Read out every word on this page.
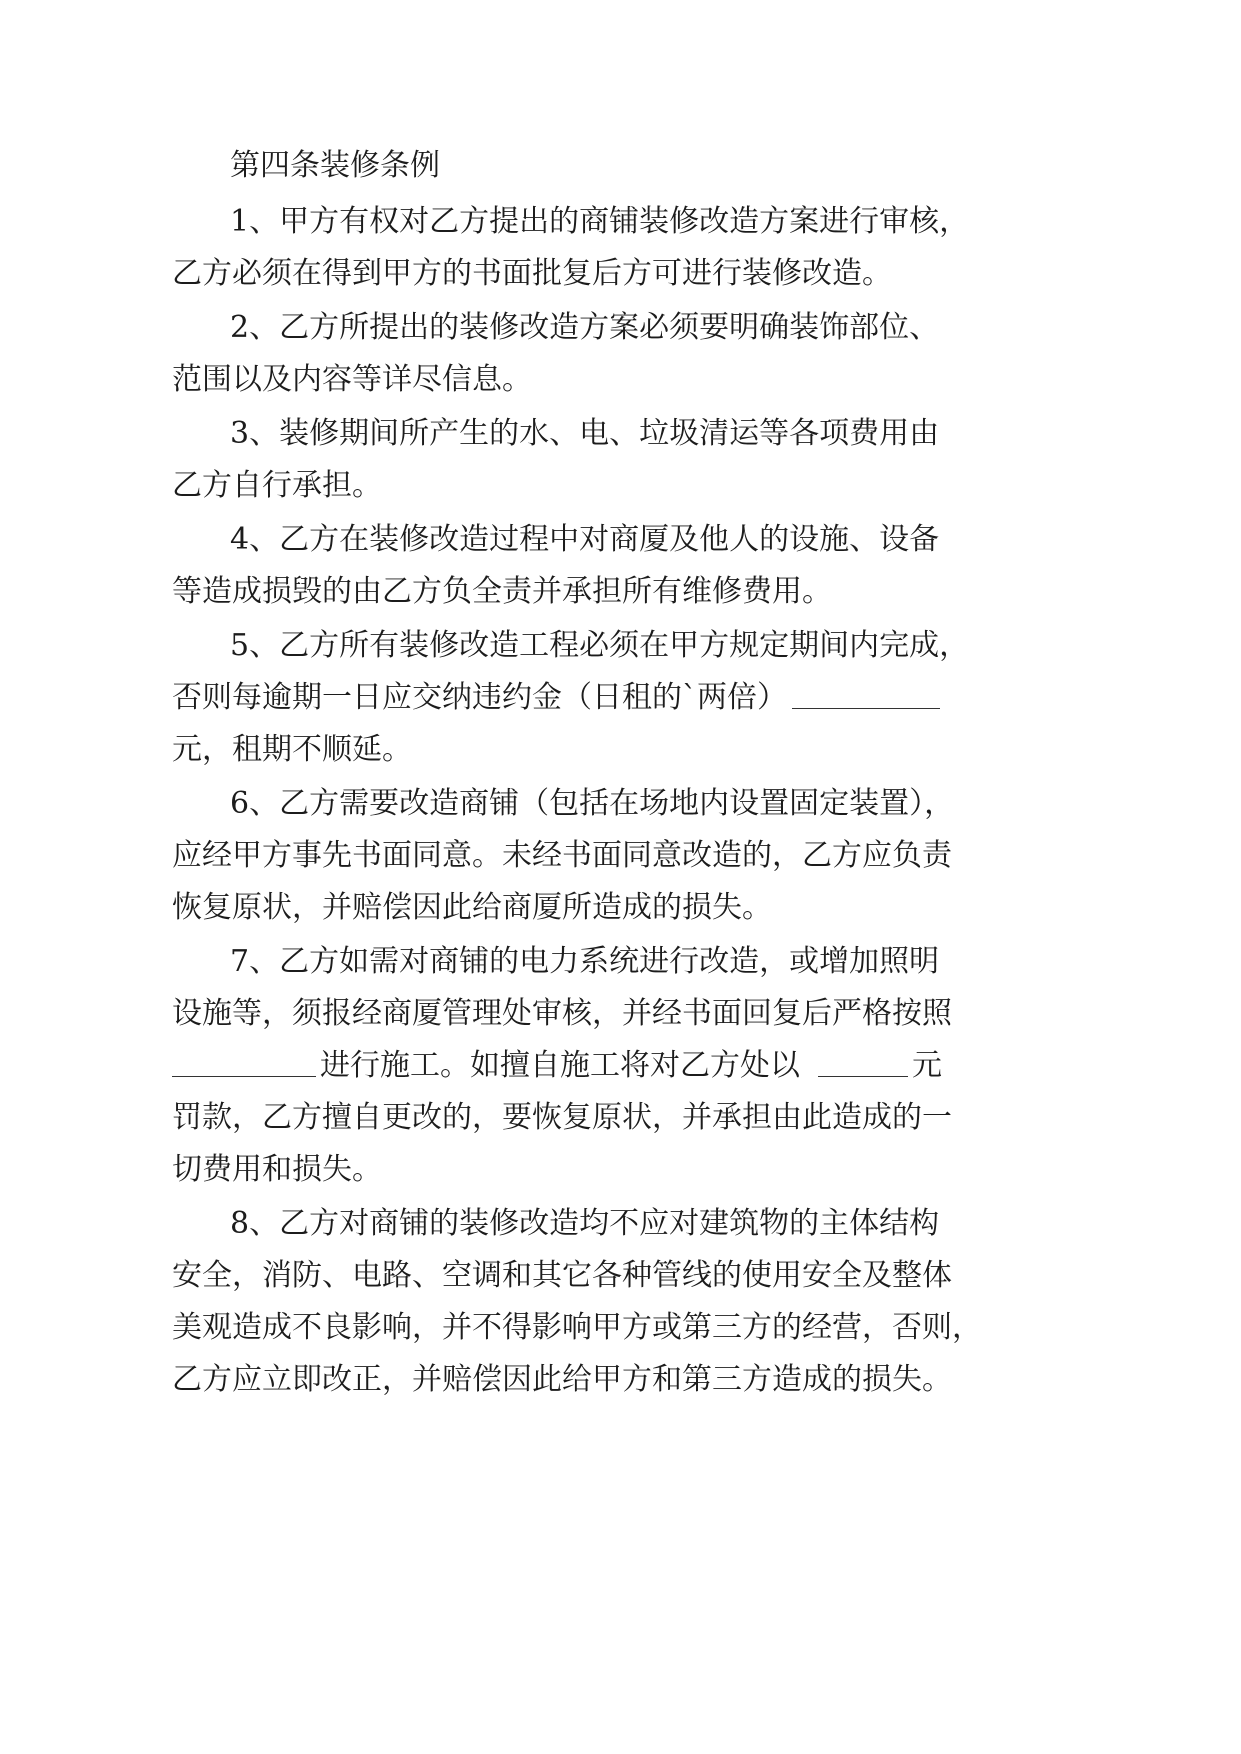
第四条装修条例
1、甲方有权对乙方提出的商铺装修改造方案进行审核，
乙方必须在得到甲方的书面批复后方可进行装修改造。
2、乙方所提出的装修改造方案必须要明确装饰部位、
范围以及内容等详尽信息。
3、装修期间所产生的水、电、垃圾清运等各项费用由
乙方自行承担。
4、乙方在装修改造过程中对商厦及他人的设施、设备
等造成损毁的由乙方负全责并承担所有维修费用。
5、乙方所有装修改造工程必须在甲方规定期间内完成，
否则每逾期一日应交纳违约金（日租的`两倍）
元，租期不顺延。
6、乙方需要改造商铺（包括在场地内设置固定装置），
应经甲方事先书面同意。未经书面同意改造的，乙方应负责
恢复原状，并赔偿因此给商厦所造成的损失。
7、乙方如需对商铺的电力系统进行改造，或增加照明
设施等，须报经商厦管理处审核，并经书面回复后严格按照
进行施工。如擅自施工将对乙方处以	元
罚款，乙方擅自更改的，要恢复原状，并承担由此造成的一
切费用和损失。
8、乙方对商铺的装修改造均不应对建筑物的主体结构
安全，消防、电路、空调和其它各种管线的使用安全及整体
美观造成不良影响，并不得影响甲方或第三方的经营，否则，
乙方应立即改正，并赔偿因此给甲方和第三方造成的损失。
